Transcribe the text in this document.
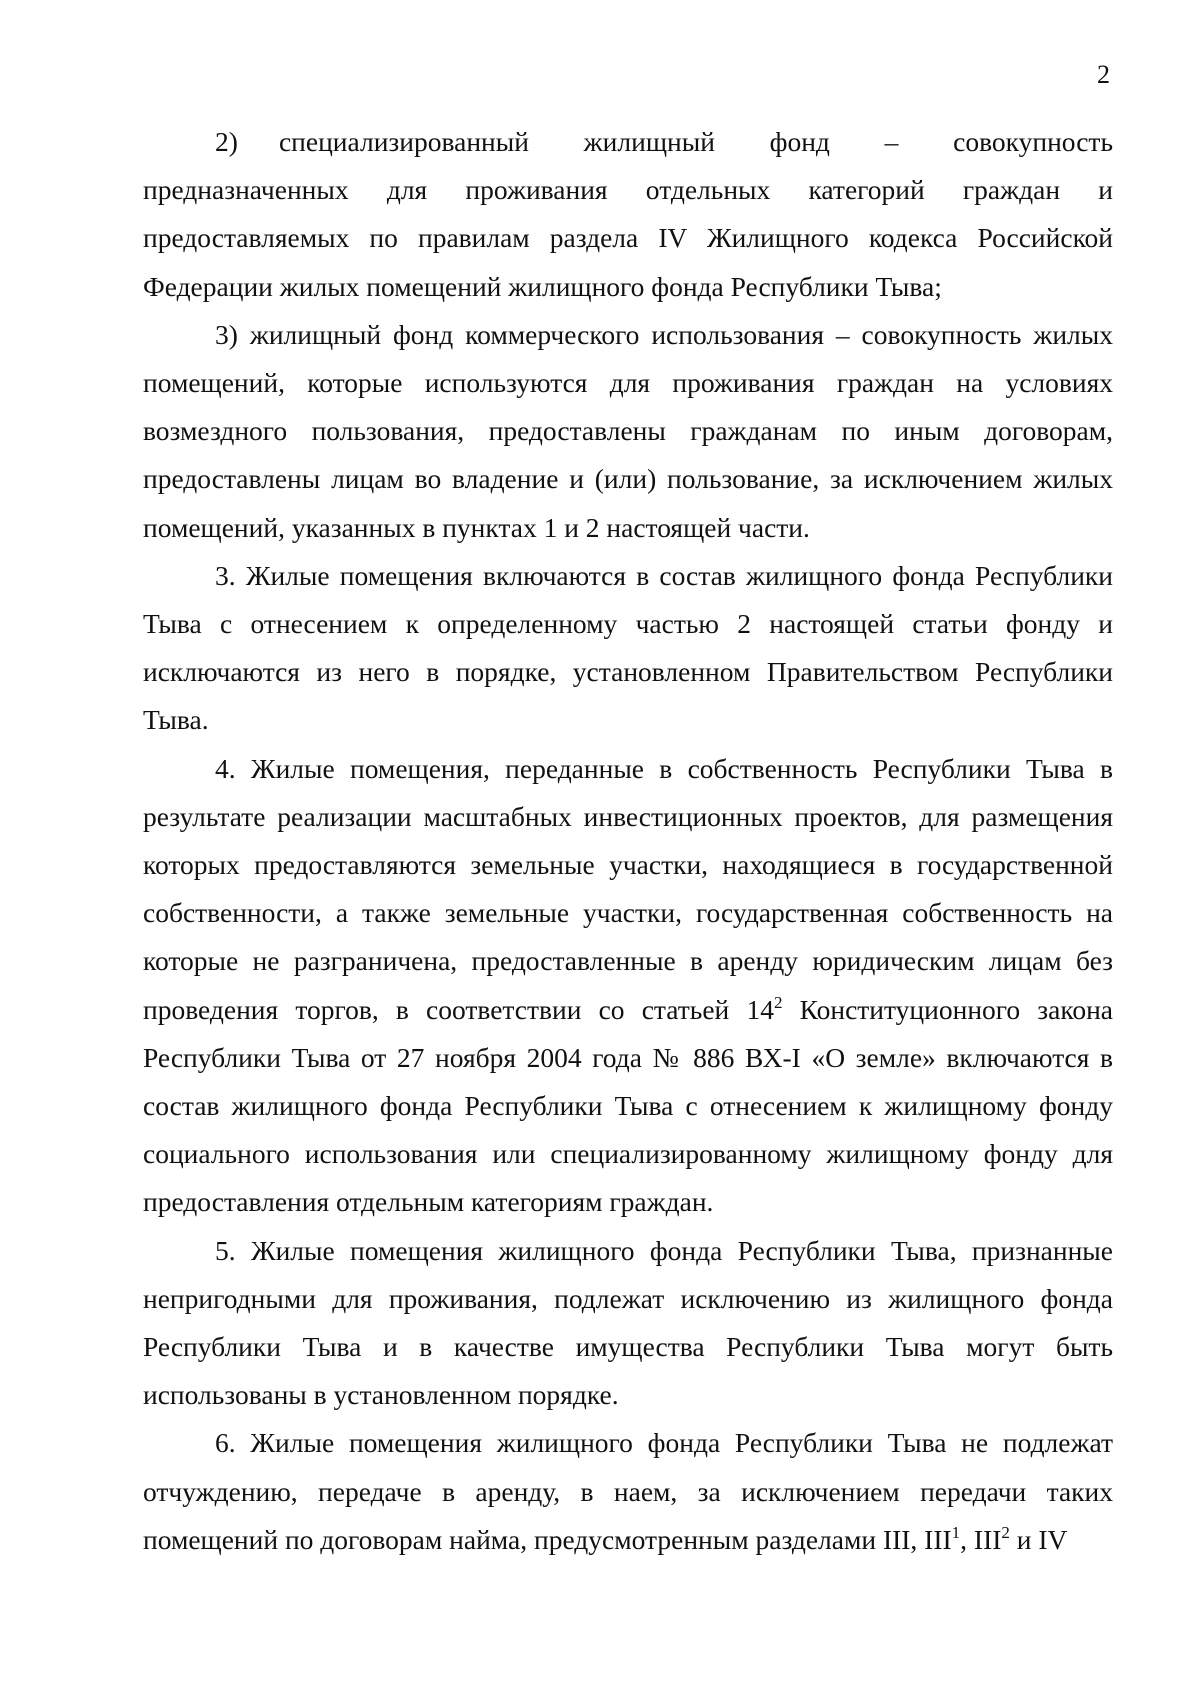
2

2)   специализированный    жилищный    фонд    –    совокупность предназначенных для проживания отдельных категорий граждан и предоставляемых по правилам раздела IV Жилищного кодекса Российской Федерации жилых помещений жилищного фонда Республики Тыва;

3) жилищный фонд коммерческого использования – совокупность жилых помещений, которые используются для проживания граждан на условиях возмездного пользования, предоставлены гражданам по иным договорам, предоставлены лицам во владение и (или) пользование, за исключением жилых помещений, указанных в пунктах 1 и 2 настоящей части.

3. Жилые помещения включаются в состав жилищного фонда Республики Тыва с отнесением к определенному частью 2 настоящей статьи фонду и исключаются из него в порядке, установленном Правительством Республики Тыва.

4. Жилые помещения, переданные в собственность Республики Тыва в результате реализации масштабных инвестиционных проектов, для размещения которых предоставляются земельные участки, находящиеся в государственной собственности, а также земельные участки, государственная собственность на которые не разграничена, предоставленные в аренду юридическим лицам без проведения торгов, в соответствии со статьей $14^2$ Конституционного закона Республики Тыва от 27 ноября 2004 года № 886 ВХ-I «О земле» включаются в состав жилищного фонда Республики Тыва с отнесением к жилищному фонду социального использования или специализированному жилищному фонду для предоставления отдельным категориям граждан.

5. Жилые помещения жилищного фонда Республики Тыва, признанные непригодными для проживания, подлежат исключению из жилищного фонда Республики Тыва и в качестве имущества Республики Тыва могут быть использованы в установленном порядке.

6. Жилые помещения жилищного фонда Республики Тыва не подлежат отчуждению, передаче в аренду, в наем, за исключением передачи таких помещений по договорам найма, предусмотренным разделами III, III$^1$, III$^2$ и IV
